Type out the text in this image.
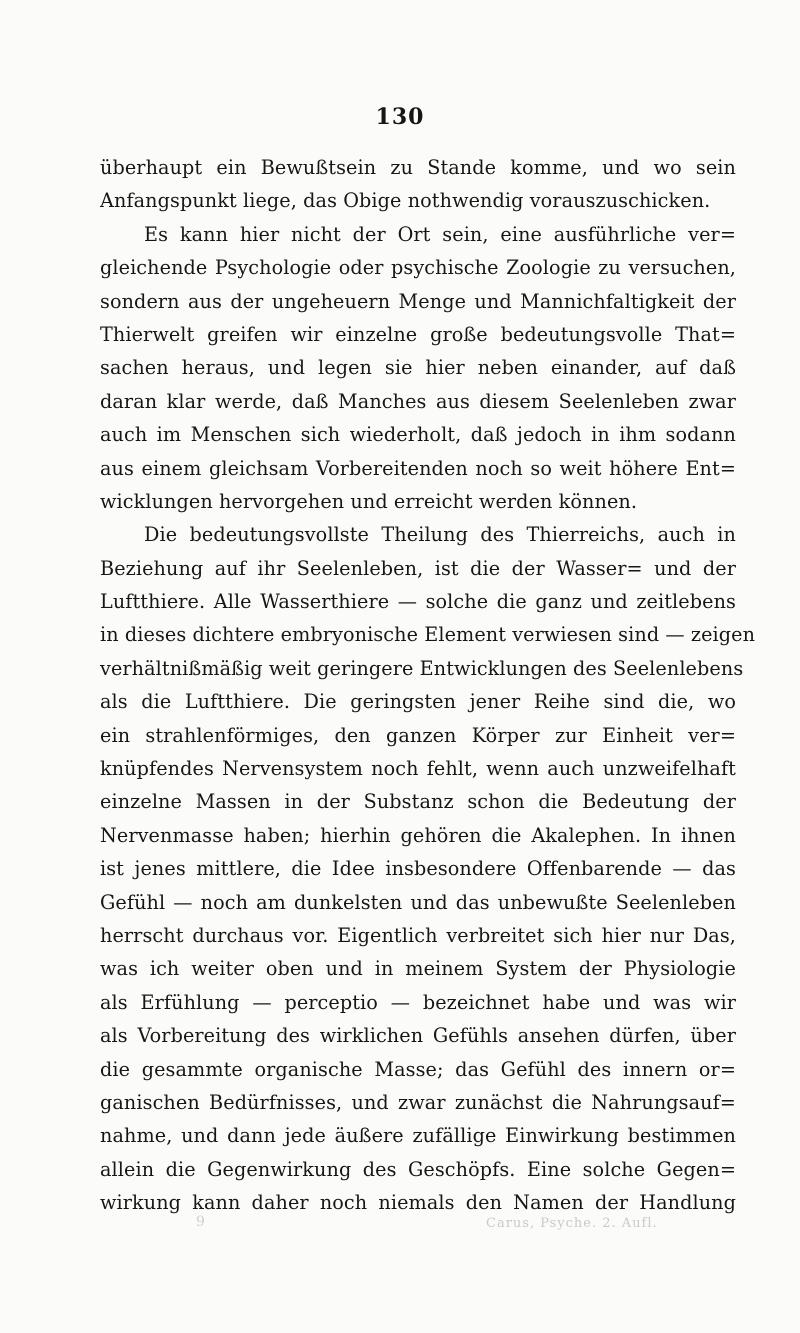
130
überhaupt ein Bewußtsein zu Stande komme, und wo sein
Anfangspunkt liege, das Obige nothwendig vorauszuschicken.
Es kann hier nicht der Ort sein, eine ausführliche ver=
gleichende Psychologie oder psychische Zoologie zu versuchen,
sondern aus der ungeheuern Menge und Mannichfaltigkeit der
Thierwelt greifen wir einzelne große bedeutungsvolle That=
sachen heraus, und legen sie hier neben einander, auf daß
daran klar werde, daß Manches aus diesem Seelenleben zwar
auch im Menschen sich wiederholt, daß jedoch in ihm sodann
aus einem gleichsam Vorbereitenden noch so weit höhere Ent=
wicklungen hervorgehen und erreicht werden können.
Die bedeutungsvollste Theilung des Thierreichs, auch in
Beziehung auf ihr Seelenleben, ist die der Wasser= und der
Luftthiere. Alle Wasserthiere — solche die ganz und zeitlebens
in dieses dichtere embryonische Element verwiesen sind — zeigen
verhältnißmäßig weit geringere Entwicklungen des Seelenlebens
als die Luftthiere. Die geringsten jener Reihe sind die, wo
ein strahlenförmiges, den ganzen Körper zur Einheit ver=
knüpfendes Nervensystem noch fehlt, wenn auch unzweifelhaft
einzelne Massen in der Substanz schon die Bedeutung der
Nervenmasse haben; hierhin gehören die Akalephen. In ihnen
ist jenes mittlere, die Idee insbesondere Offenbarende — das
Gefühl — noch am dunkelsten und das unbewußte Seelenleben
herrscht durchaus vor. Eigentlich verbreitet sich hier nur Das,
was ich weiter oben und in meinem System der Physiologie
als Erfühlung — perceptio — bezeichnet habe und was wir
als Vorbereitung des wirklichen Gefühls ansehen dürfen, über
die gesammte organische Masse; das Gefühl des innern or=
ganischen Bedürfnisses, und zwar zunächst die Nahrungsauf=
nahme, und dann jede äußere zufällige Einwirkung bestimmen
allein die Gegenwirkung des Geschöpfs. Eine solche Gegen=
wirkung kann daher noch niemals den Namen der Handlung
9	Carus, Psyche. 2. Aufl.
